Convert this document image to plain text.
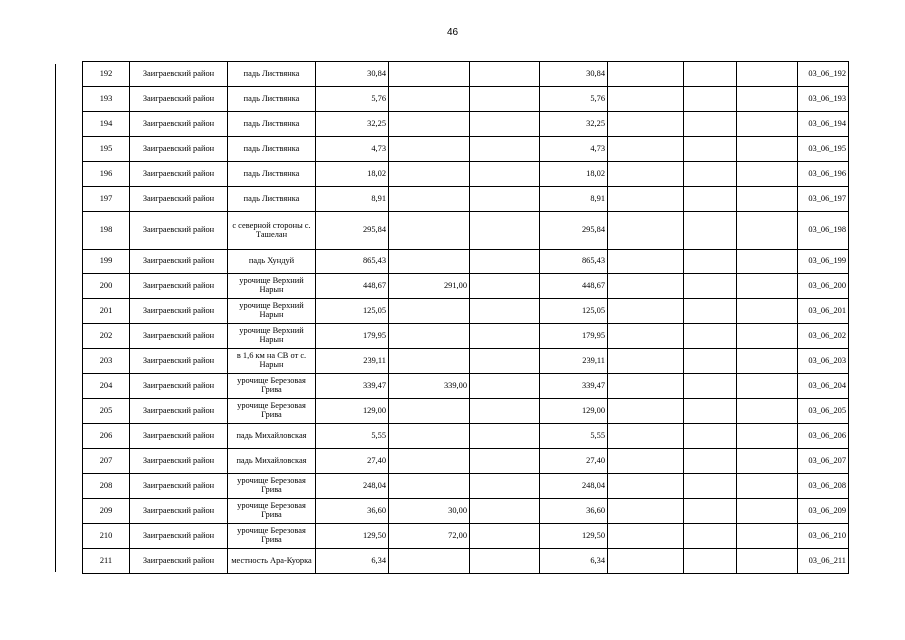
46
192	Заиграевский район	падь Листвянка	30,84			30,84				03_06_192
193	Заиграевский район	падь Листвянка	5,76			5,76				03_06_193
194	Заиграевский район	падь Листвянка	32,25			32,25				03_06_194
195	Заиграевский район	падь Листвянка	4,73			4,73				03_06_195
196	Заиграевский район	падь Листвянка	18,02			18,02				03_06_196
197	Заиграевский район	падь Листвянка	8,91			8,91				03_06_197
198	Заиграевский район	с северной стороны с. Ташелан	295,84			295,84				03_06_198
199	Заиграевский район	падь Хундуй	865,43			865,43				03_06_199
200	Заиграевский район	урочище Верхний Нарын	448,67	291,00		448,67				03_06_200
201	Заиграевский район	урочище Верхний Нарын	125,05			125,05				03_06_201
202	Заиграевский район	урочище Верхний Нарын	179,95			179,95				03_06_202
203	Заиграевский район	в 1,6 км на СВ от с. Нарын	239,11			239,11				03_06_203
204	Заиграевский район	урочище Березовая Грива	339,47	339,00		339,47				03_06_204
205	Заиграевский район	урочище Березовая Грива	129,00			129,00				03_06_205
206	Заиграевский район	падь Михайловская	5,55			5,55				03_06_206
207	Заиграевский район	падь Михайловская	27,40			27,40				03_06_207
208	Заиграевский район	урочище Березовая Грива	248,04			248,04				03_06_208
209	Заиграевский район	урочище Березовая Грива	36,60	30,00		36,60				03_06_209
210	Заиграевский район	урочище Березовая Грива	129,50	72,00		129,50				03_06_210
211	Заиграевский район	местность Ара-Куорка	6,34			6,34				03_06_211
